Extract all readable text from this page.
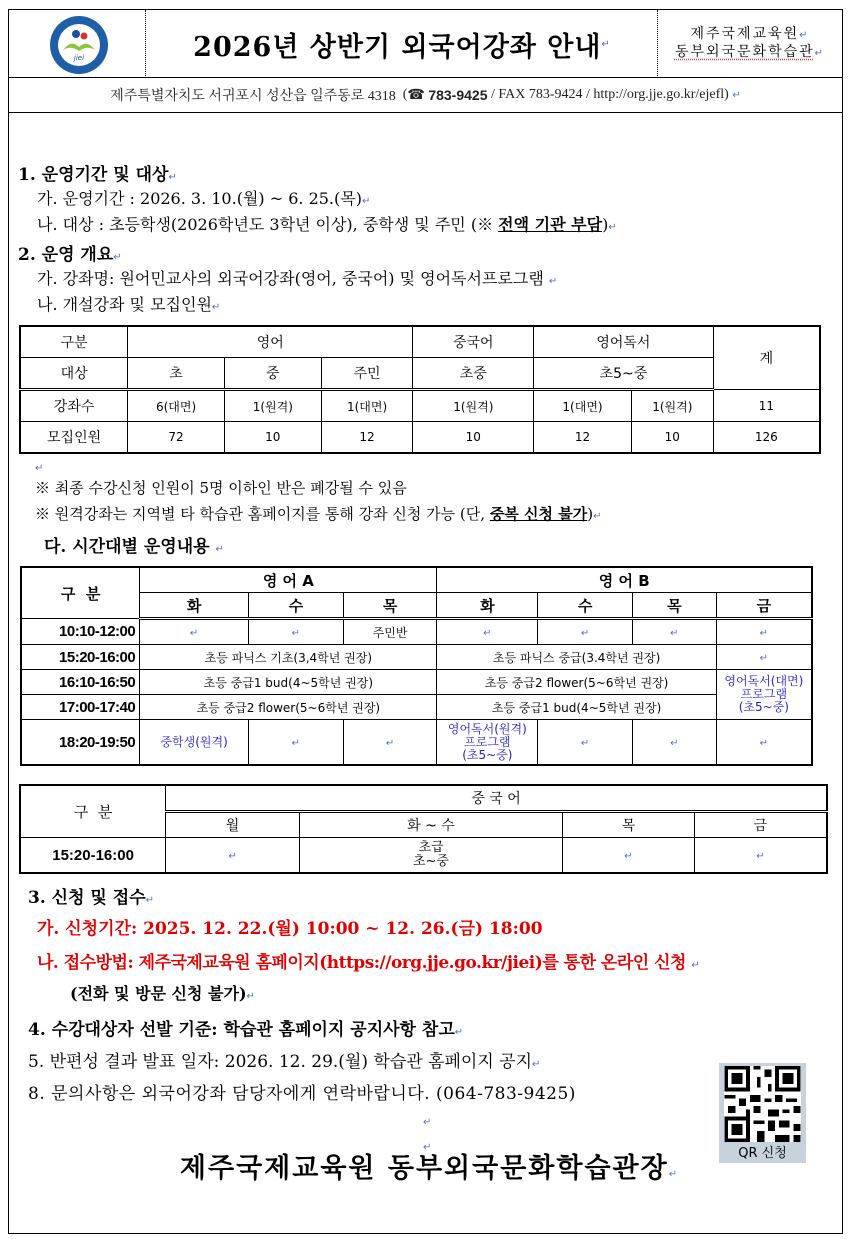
jiei	2026년 상반기 외국어강좌 안내 ↵
제주국제교육원↵
동부외국문화학습관↵
제주특별자치도 서귀포시 성산읍 일주동로 4318 ( ☎
783-9425
/ FAX 783-9424 / http://org.jje.go.kr/ejefl)
↵
1. 운영기간 및 대상↵
가. 운영기간 : 2026. 3. 10.(월) ~ 6. 25.(목)↵
나. 대상 : 초등학생(2026학년도 3학년 이상), 중학생 및 주민 (※ 전액 기관 부담)↵
2. 운영 개요↵
가. 강좌명: 원어민교사의 외국어강좌(영어, 중국어) 및 영어독서프로그램 ↵
나. 개설강좌 및 모집인원↵
구분	영어			중국어	영어독서		계
대상	초	중	주민	초중	초5~중		
강좌수	6(대면)	1(원격)	1(대면)	1(원격)	1(대면)	1(원격)	11
모집인원	72	10	12	10	12	10	126
↵
※ 최종 수강신청 인원이 5명 이하인 반은 폐강될 수 있음
※ 원격강좌는 지역별 타 학습관 홈페이지를 통해 강좌 신청 가능 (단, 중복 신청 불가)↵
다. 시간대별 운영내용 ↵
구  분	영 어 A			영 어 B			
	화	수	목	화	수	목	금
10:10-12:00	↵	↵	주민반	↵	↵	↵	↵
15:20-16:00	초등 파닉스 기초(3,4학년 권장)			초등 파닉스 중급(3.4학년 권장)			↵
16:10-16:50	초등 중급1 bud(4~5학년 권장)			초등 중급2 flower(5~6학년 권장)			영어독서(대면)
프로그램
(초5~중)

17:00-17:40	초등 중급2 flower(5~6학년 권장)			초등 중급1 bud(4~5학년 권장)			
18:20-19:50	중학생(원격)	↵	↵	영어독서(원격)
프로그램
(초5~중)	↵	↵	↵
구  분	중 국 어			
	월	화 ~ 수	목	금
15:20-16:00	↵	초급
초~중	↵	↵
3. 신청 및 접수↵
가. 신청기간: 2025. 12. 22.(월) 10:00 ~ 12. 26.(금) 18:00
나. 접수방법: 제주국제교육원 홈페이지(https://org.jje.go.kr/jiei)를 통한 온라인 신청 ↵
(전화 및 방문 신청 불가)↵
4. 수강대상자 선발 기준: 학습관 홈페이지 공지사항 참고↵
5. 반편성 결과 발표 일자: 2026. 12. 29.(월) 학습관 홈페이지 공지↵
8. 문의사항은 외국어강좌 담당자에게 연락바랍니다. (064-783-9425)
QR 신청
↵
↵
제주국제교육원 동부외국문화학습관장↵
